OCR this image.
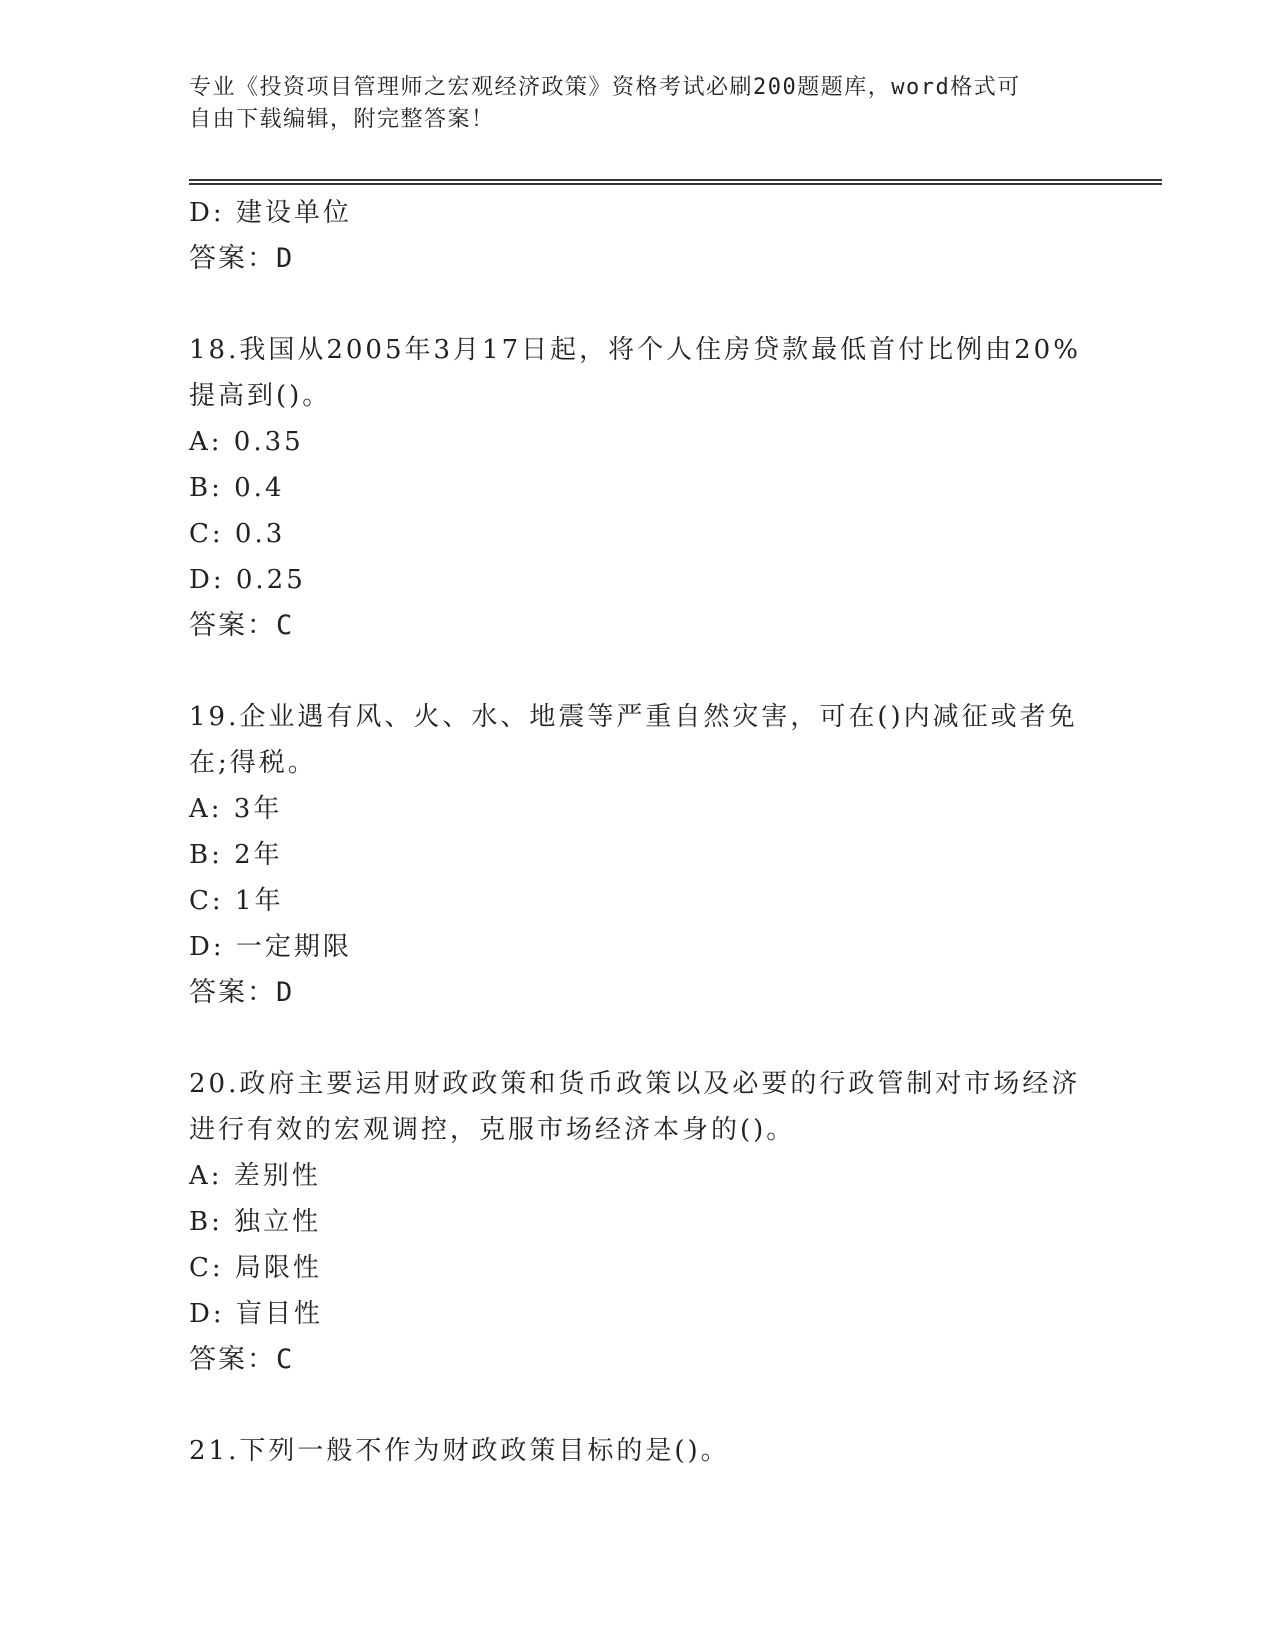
专业《投资项目管理师之宏观经济政策》资格考试必刷200题题库，word格式可
自由下载编辑，附完整答案！
D: 建设单位
答案：D
18.我国从2005年3月17日起，将个人住房贷款最低首付比例由20%
提高到()。
A: 0.35
B: 0.4
C: 0.3
D: 0.25
答案：C
19.企业遇有风、火、水、地震等严重自然灾害，可在()内减征或者免
在;得税。
A: 3年
B: 2年
C: 1年
D: 一定期限
答案：D
20.政府主要运用财政政策和货币政策以及必要的行政管制对市场经济
进行有效的宏观调控，克服市场经济本身的()。
A: 差别性
B: 独立性
C: 局限性
D: 盲目性
答案：C
21.下列一般不作为财政政策目标的是()。
